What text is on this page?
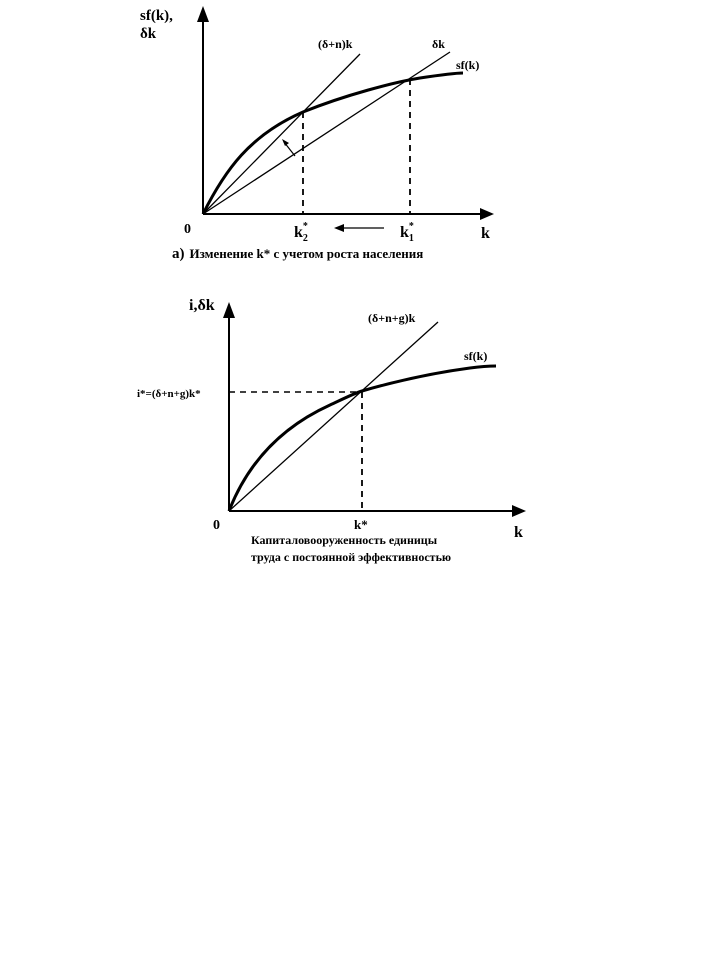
sf(k),
δk
0	k
(δ+n)k	δk
sf(k)
$k_2*$	$k_1*$
а) Изменение k* с учетом роста населения
i,δk
0	k
(δ+n+g)k
sf(k)
i*=(δ+n+g)k*
k*
Капиталовооруженность единицы
труда с постоянной эффективностью
